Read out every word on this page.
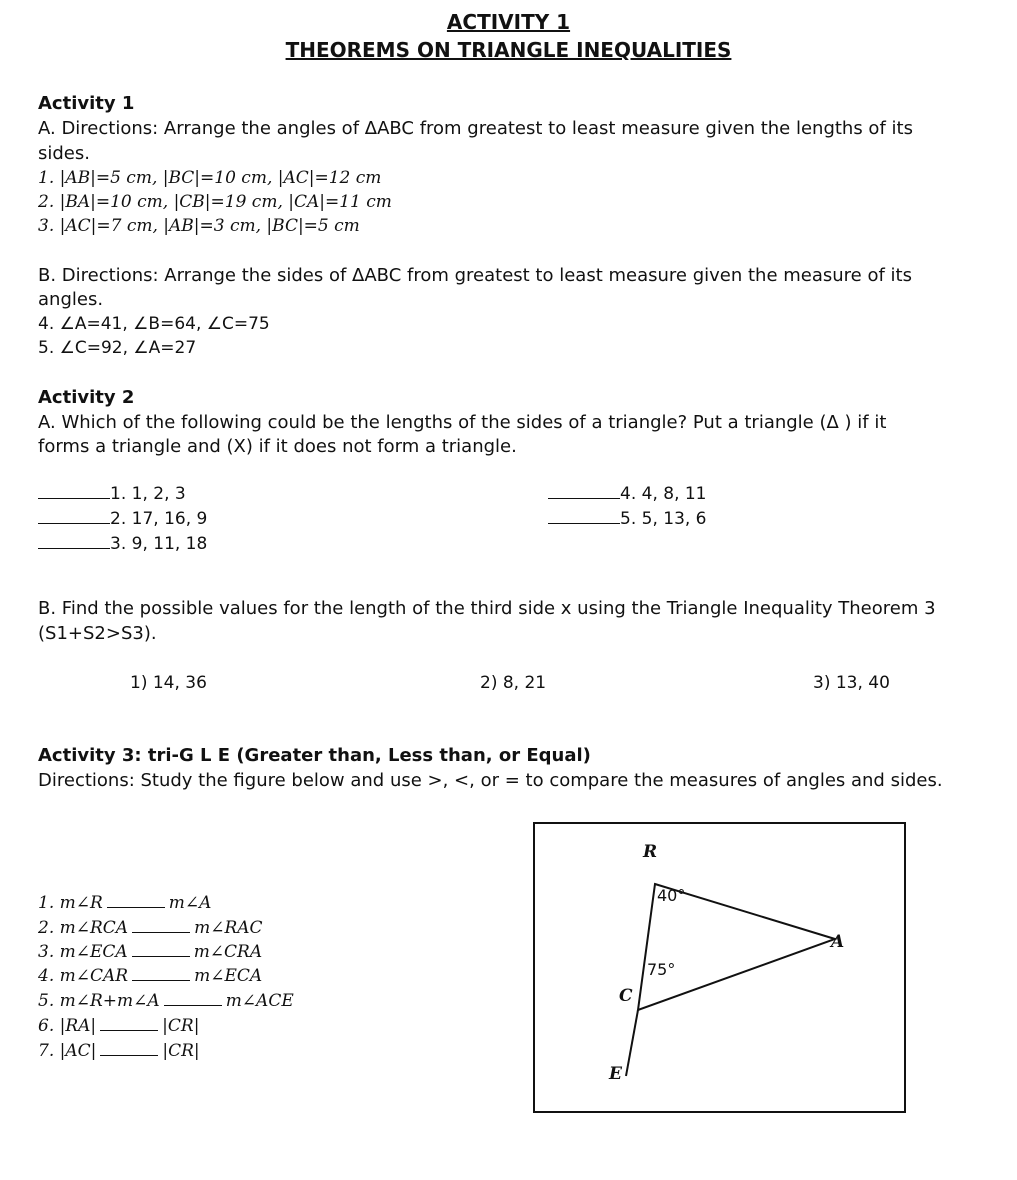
ACTIVITY 1
THEOREMS ON TRIANGLE INEQUALITIES
Activity 1
A. Directions: Arrange the angles of ΔABC from greatest to least measure given the lengths of its
sides.
1. |AB|=5 cm, |BC|=10 cm, |AC|=12 cm
2. |BA|=10 cm, |CB|=19 cm, |CA|=11 cm
3. |AC|=7 cm, |AB|=3 cm, |BC|=5 cm
B. Directions: Arrange the sides of ΔABC from greatest to least measure given the measure of its
angles.
4. ∠A=41, ∠B=64, ∠C=75
5. ∠C=92, ∠A=27
Activity 2
A. Which of the following could be the lengths of the sides of a triangle? Put a triangle (Δ ) if it
forms a triangle and (X) if it does not form a triangle.
1. 1, 2, 3
2. 17, 16, 9
3. 9, 11, 18
4. 4, 8, 11
5. 5, 13, 6
B. Find the possible values for the length of the third side x using the Triangle Inequality Theorem 3
(S1+S2>S3).
1) 14, 36	2) 8, 21	3) 13, 40
Activity 3: tri-G L E (Greater than, Less than, or Equal)
Directions: Study the figure below and use >, <, or = to compare the measures of angles and sides.
1. m∠R	m∠A
2. m∠RCA	m∠RAC
3. m∠ECA	m∠CRA
4. m∠CAR	m∠ECA
5. m∠R+m∠A	m∠ACE
6. |RA|	|CR|
7. |AC|	|CR|
R
A
C
E
40°
75°
